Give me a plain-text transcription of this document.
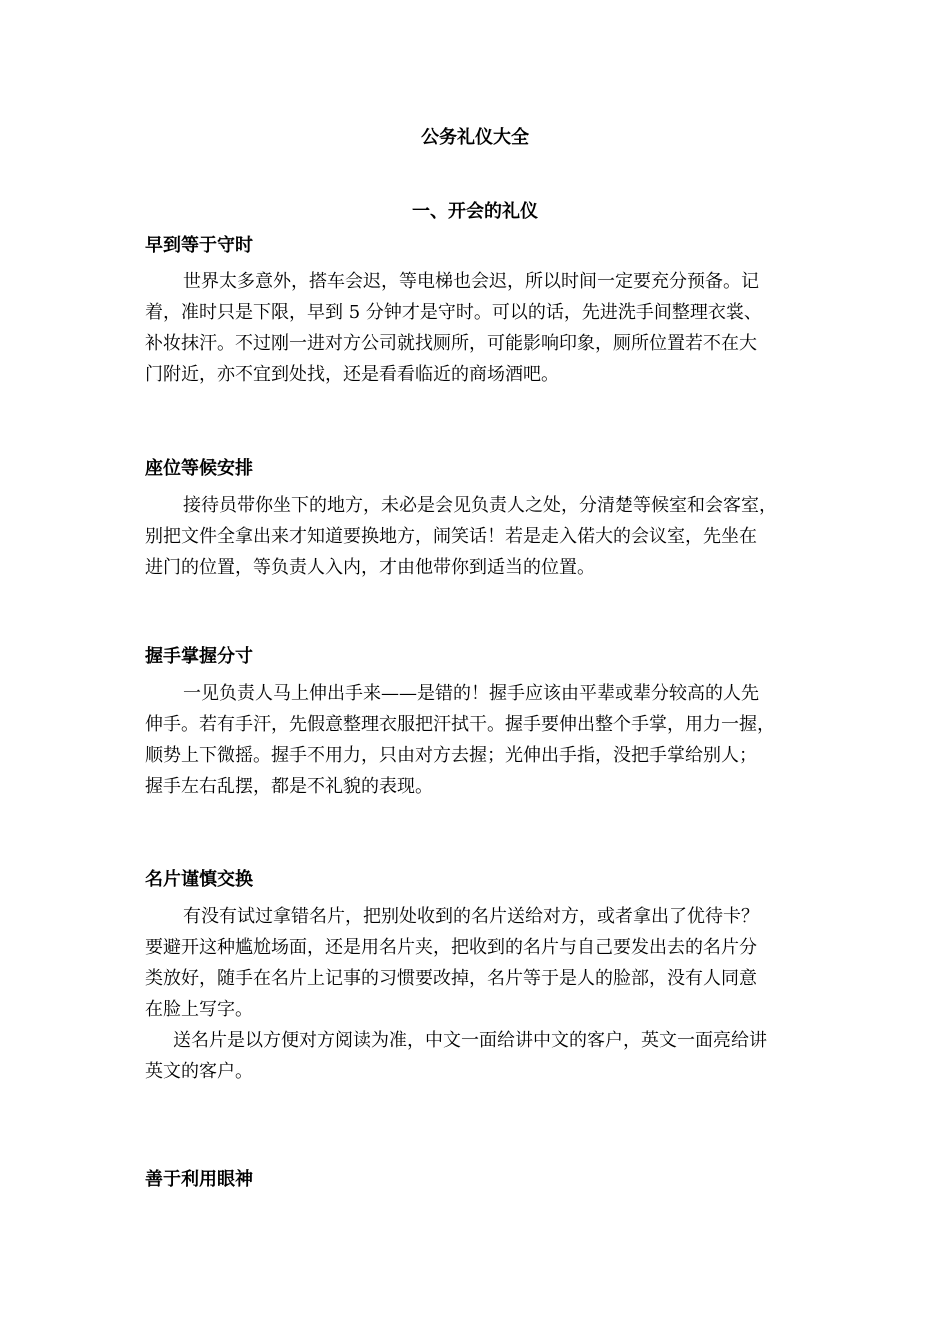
公务礼仪大全
一、开会的礼仪
早到等于守时
世界太多意外，搭车会迟，等电梯也会迟，所以时间一定要充分预备。记
着，准时只是下限，早到 5 分钟才是守时。可以的话，先进洗手间整理衣裳、
补妆抹汗。不过刚一进对方公司就找厕所，可能影响印象，厕所位置若不在大
门附近，亦不宜到处找，还是看看临近的商场酒吧。
座位等候安排
接待员带你坐下的地方，未必是会见负责人之处，分清楚等候室和会客室，
别把文件全拿出来才知道要换地方，闹笑话！若是走入偌大的会议室，先坐在
进门的位置，等负责人入内，才由他带你到适当的位置。
握手掌握分寸
一见负责人马上伸出手来——是错的！握手应该由平辈或辈分较高的人先
伸手。若有手汗，先假意整理衣服把汗拭干。握手要伸出整个手掌，用力一握，
顺势上下微摇。握手不用力，只由对方去握；光伸出手指，没把手掌给别人；
握手左右乱摆，都是不礼貌的表现。
名片谨慎交换
有没有试过拿错名片，把别处收到的名片送给对方，或者拿出了优待卡？
要避开这种尴尬场面，还是用名片夹，把收到的名片与自己要发出去的名片分
类放好，随手在名片上记事的习惯要改掉，名片等于是人的脸部，没有人同意
在脸上写字。
送名片是以方便对方阅读为准，中文一面给讲中文的客户，英文一面亮给讲
英文的客户。
善于利用眼神
